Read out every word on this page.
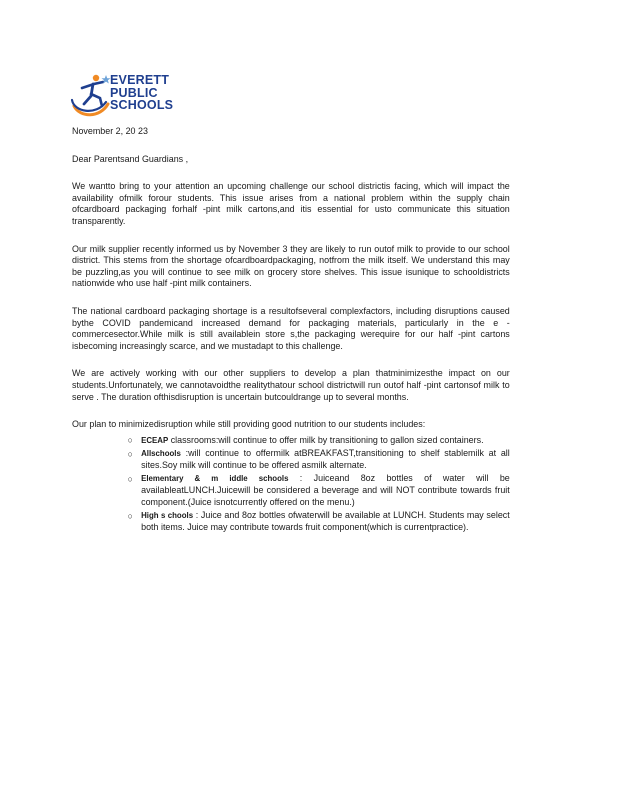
EVERETT
PUBLIC
SCHOOLS
November 2, 20 23
Dear Parentsand Guardians ,

We wantto bring to your attention an upcoming challenge our school districtis facing, which will impact the availability ofmilk forour students. This issue arises from a national problem within the supply chain ofcardboard packaging forhalf -pint milk cartons,and itis essential for usto communicate this situation transparently.

Our milk supplier recently informed us by November 3 they are likely to run outof milk to provide to our school district. This stems from the shortage ofcardboardpackaging, notfrom the milk itself. We understand this may be puzzling,as you will continue to see milk on grocery store shelves. This issue isunique to schooldistricts nationwide who use half -pint milk containers.

The national cardboard packaging shortage is a resultofseveral complexfactors, including disruptions caused bythe COVID pandemicand increased demand for packaging materials, particularly in the e -commercesector.While milk is still availablein store s,the packaging werequire for our half -pint cartons isbecoming increasingly scarce, and we mustadapt to this challenge.

We are actively working with our other suppliers to develop a plan thatminimizesthe impact on our students.Unfortunately, we cannotavoidthe realitythatour school districtwill run outof half -pint cartonsof milk to serve . The duration ofthisdisruption is uncertain butcouldrange up to several months.

Our plan to minimizedisruption while still providing good nutrition to our students includes:

○ ECEAP classrooms:will continue to offer milk by transitioning to gallon sized containers.
○ Allschools :will continue to offermilk atBREAKFAST,transitioning to shelf stablemilk at all sites.Soy milk will continue to be offered asmilk alternate.
○ Elementary & m iddle schools : Juiceand 8oz bottles of water will be availableatLUNCH.Juicewill be considered a beverage and will NOT contribute towards fruit component.(Juice isnotcurrently offered on the menu.)
○ High s chools : Juice and 8oz bottles ofwaterwill be available at LUNCH. Students may select both items. Juice may contribute towards fruit component(which is currentpractice).
